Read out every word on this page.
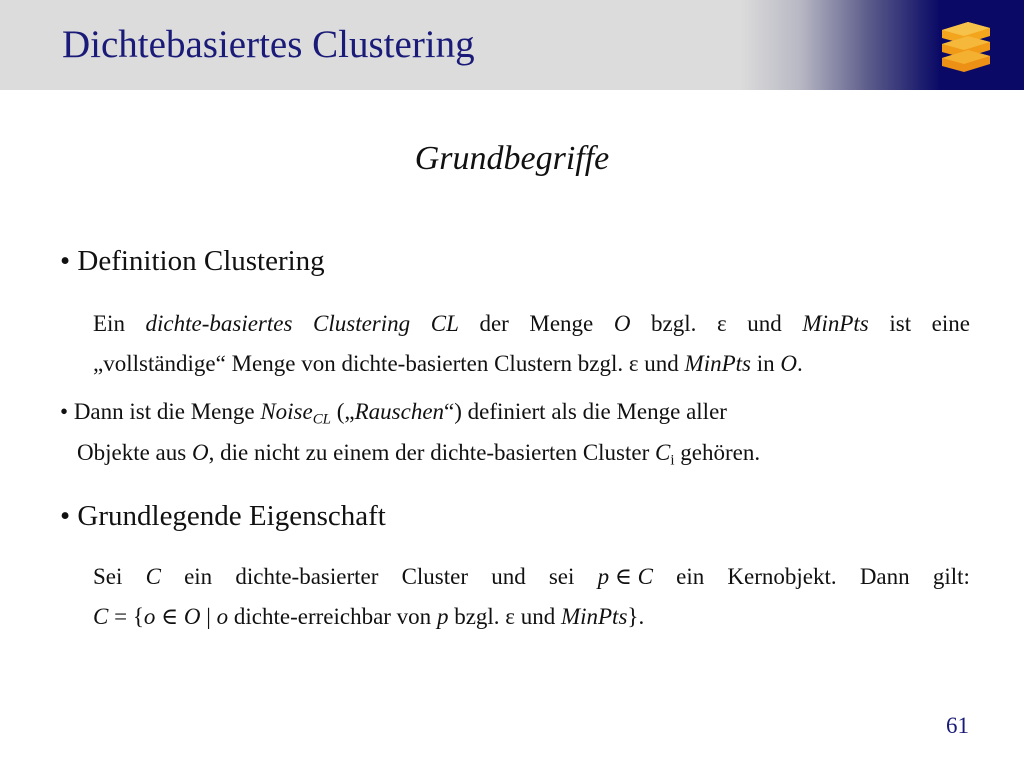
Dichtebasiertes Clustering
Grundbegriffe
• Definition Clustering
Ein dichte-basiertes Clustering CL der Menge O bzgl. ε und MinPts ist eine
„vollständige“ Menge von dichte-basierten Clustern bzgl. ε und MinPts in O.
• Dann ist die Menge Noise$_{CL}$ („Rauschen“) definiert als die Menge aller
Objekte aus O, die nicht zu einem der dichte-basierten Cluster $C_i$ gehören.
• Grundlegende Eigenschaft
Sei C ein dichte-basierter Cluster und sei p ∈ C ein Kernobjekt. Dann gilt:
C = {o ∈ O | o dichte-erreichbar von p bzgl. ε und MinPts}.
61
